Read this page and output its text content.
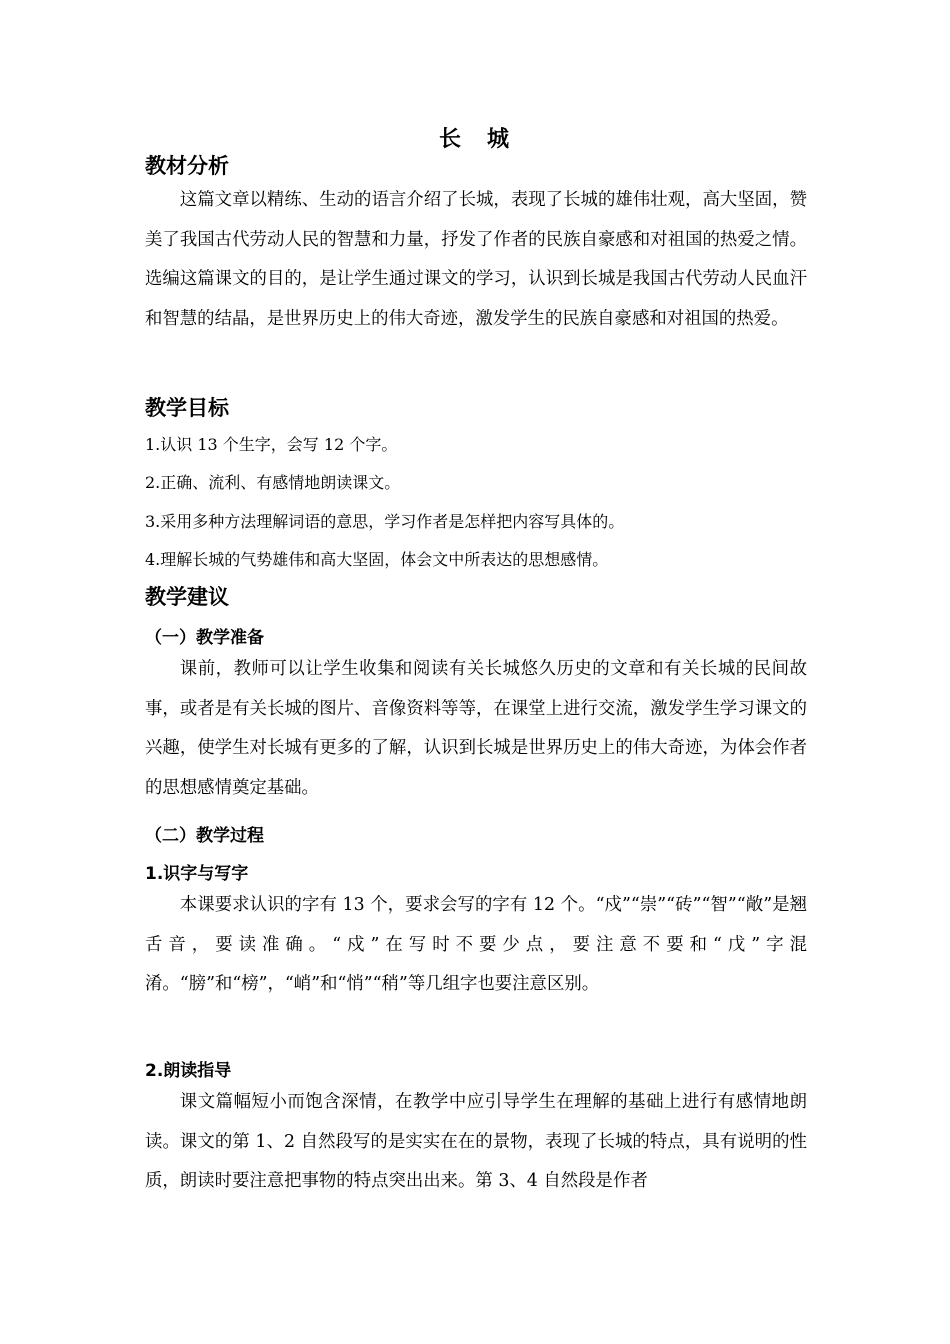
长　城
教材分析

这篇文章以精练、生动的语言介绍了长城，表现了长城的雄伟壮观，高大坚固，赞美了我国古代劳动人民的智慧和力量，抒发了作者的民族自豪感和对祖国的热爱之情。选编这篇课文的目的，是让学生通过课文的学习，认识到长城是我国古代劳动人民血汗和智慧的结晶，是世界历史上的伟大奇迹，激发学生的民族自豪感和对祖国的热爱。

教学目标
1.认识 13 个生字，会写 12 个字。
2.正确、流利、有感情地朗读课文。
3.采用多种方法理解词语的意思，学习作者是怎样把内容写具体的。
4.理解长城的气势雄伟和高大坚固，体会文中所表达的思想感情。
教学建议
（一）教学准备

课前，教师可以让学生收集和阅读有关长城悠久历史的文章和有关长城的民间故事，或者是有关长城的图片、音像资料等等，在课堂上进行交流，激发学生学习课文的兴趣，使学生对长城有更多的了解，认识到长城是世界历史上的伟大奇迹，为体会作者的思想感情奠定基础。

（二）教学过程
1.识字与写字

本课要求认识的字有 13 个，要求会写的字有 12 个。“戍”“崇”“砖”“智”“敞”是翘舌音，要读准确。“戍”在写时不要少点，要注意不要和“戊”字混淆。“膀”和“榜”，“峭”和“悄”“稍”等几组字也要注意区别。

2.朗读指导

课文篇幅短小而饱含深情，在教学中应引导学生在理解的基础上进行有感情地朗读。课文的第 1、2 自然段写的是实实在在的景物，表现了长城的特点，具有说明的性质，朗读时要注意把事物的特点突出出来。第 3、4 自然段是作者
